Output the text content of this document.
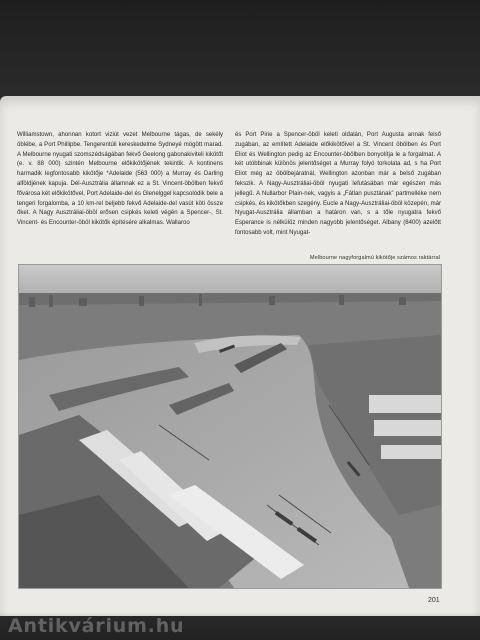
Williamstown, ahonnan kotort viziút vezet Melbourne tágas, de sekély öblébe, a Port Phillipbe. Tengerentúli kereskedelme Sydneyé mögött marad. A Melbourne nyugati szomszédságában fekvő Geelong gabonakiviteli kikötőt (e. v. 88 000) szintén Melbourne előkikötőjének tekintik. A kontinens harmadik legfontosabb kikötője *Adelaide (563 000) a Murray és Darling alföldjének kapuja. Dél-Ausztrália államnak ez a St. Vincent-öbölben fekvő fővárosa két előkikötővel, Port Adelaide-del és Glenelggel kapcsolódik bele a tengeri forgalomba, a 10 km-rel beljebb fekvő Adelaide-del vasút köti össze őket. A Nagy Ausztráliai-öböl erősen csipkés keleti végén a Spencer-, St. Vincent- és Encounter-öböl kikötők építésére alkalmas. Wallaroo

és Port Pirie a Spencer-öböl keleti oldalán, Port Augusta annak felső zugában, az említett Adelaide előkikötőivel a St. Vincent öbölben és Port Eliot és Wellington pedig az Encounter-öbölben bonyolítja le a forgalmat. A két utóbbinak különös jelentőséget a Murray folyó torkolata ad, s ha Port Eliot még az öbölbejáratnál, Wellington azonban már a belső zugában fekszik. A Nagy-Ausztráliai-öböl nyugati lefutásában már egészen más jellegű. A Nullarbor Plain-nek, vagyis a „Fátlan pusztának” partmelléke nem csipkés, és kikötőkben szegény. Eucle a Nagy-Ausztráliai-öböl közepén, már Nyugat-Ausztrália államban a határon van, s a tőle nyugatra fekvő Esperance is nélkülöz minden nagyobb jelentőséget. Albany (8400) azelőtt fontosabb volt, mint Nyugat-

Melbourne nagyforgalmú kikötője számos raktárral
201
Antikvárium.hu
